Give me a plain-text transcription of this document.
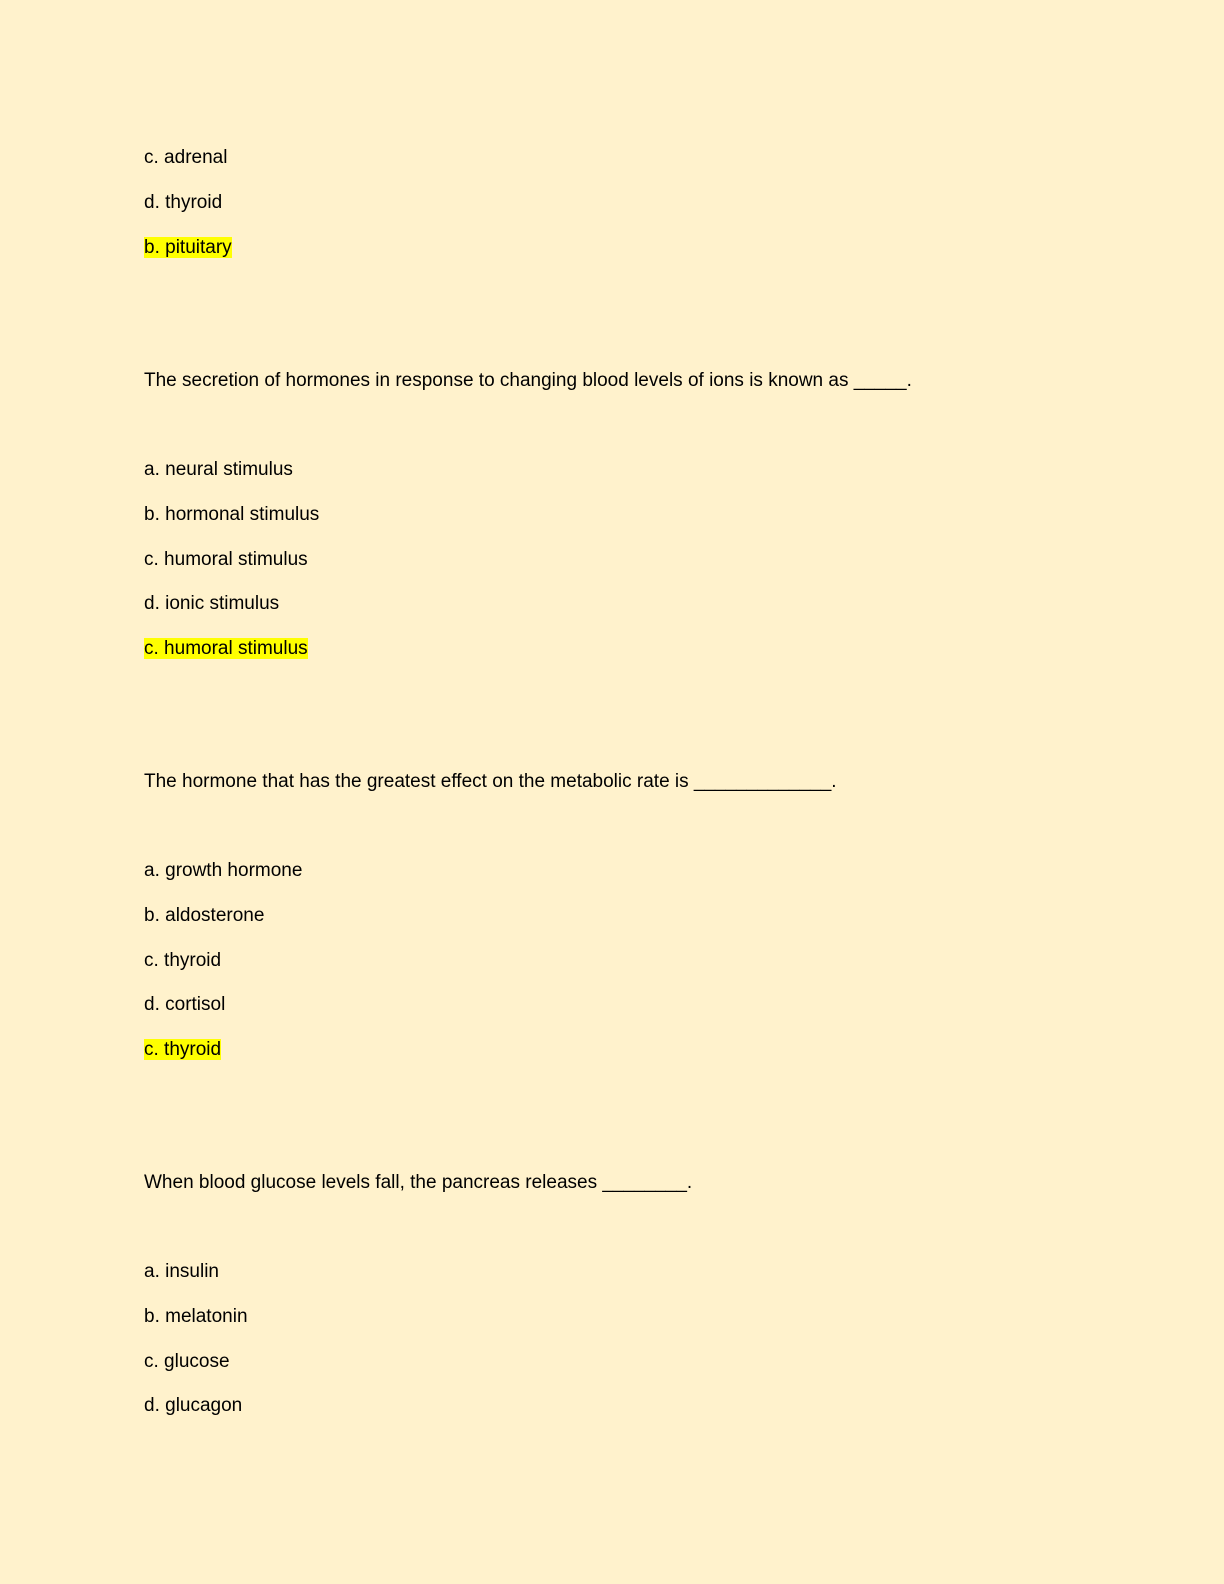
c. adrenal
d. thyroid
b. pituitary
The secretion of hormones in response to changing blood levels of ions is known as _____.
a. neural stimulus
b. hormonal stimulus
c. humoral stimulus
d. ionic stimulus
c. humoral stimulus
The hormone that has the greatest effect on the metabolic rate is _____________.
a. growth hormone
b. aldosterone
c. thyroid
d. cortisol
c. thyroid
When blood glucose levels fall, the pancreas releases ________.
a. insulin
b. melatonin
c. glucose
d. glucagon
